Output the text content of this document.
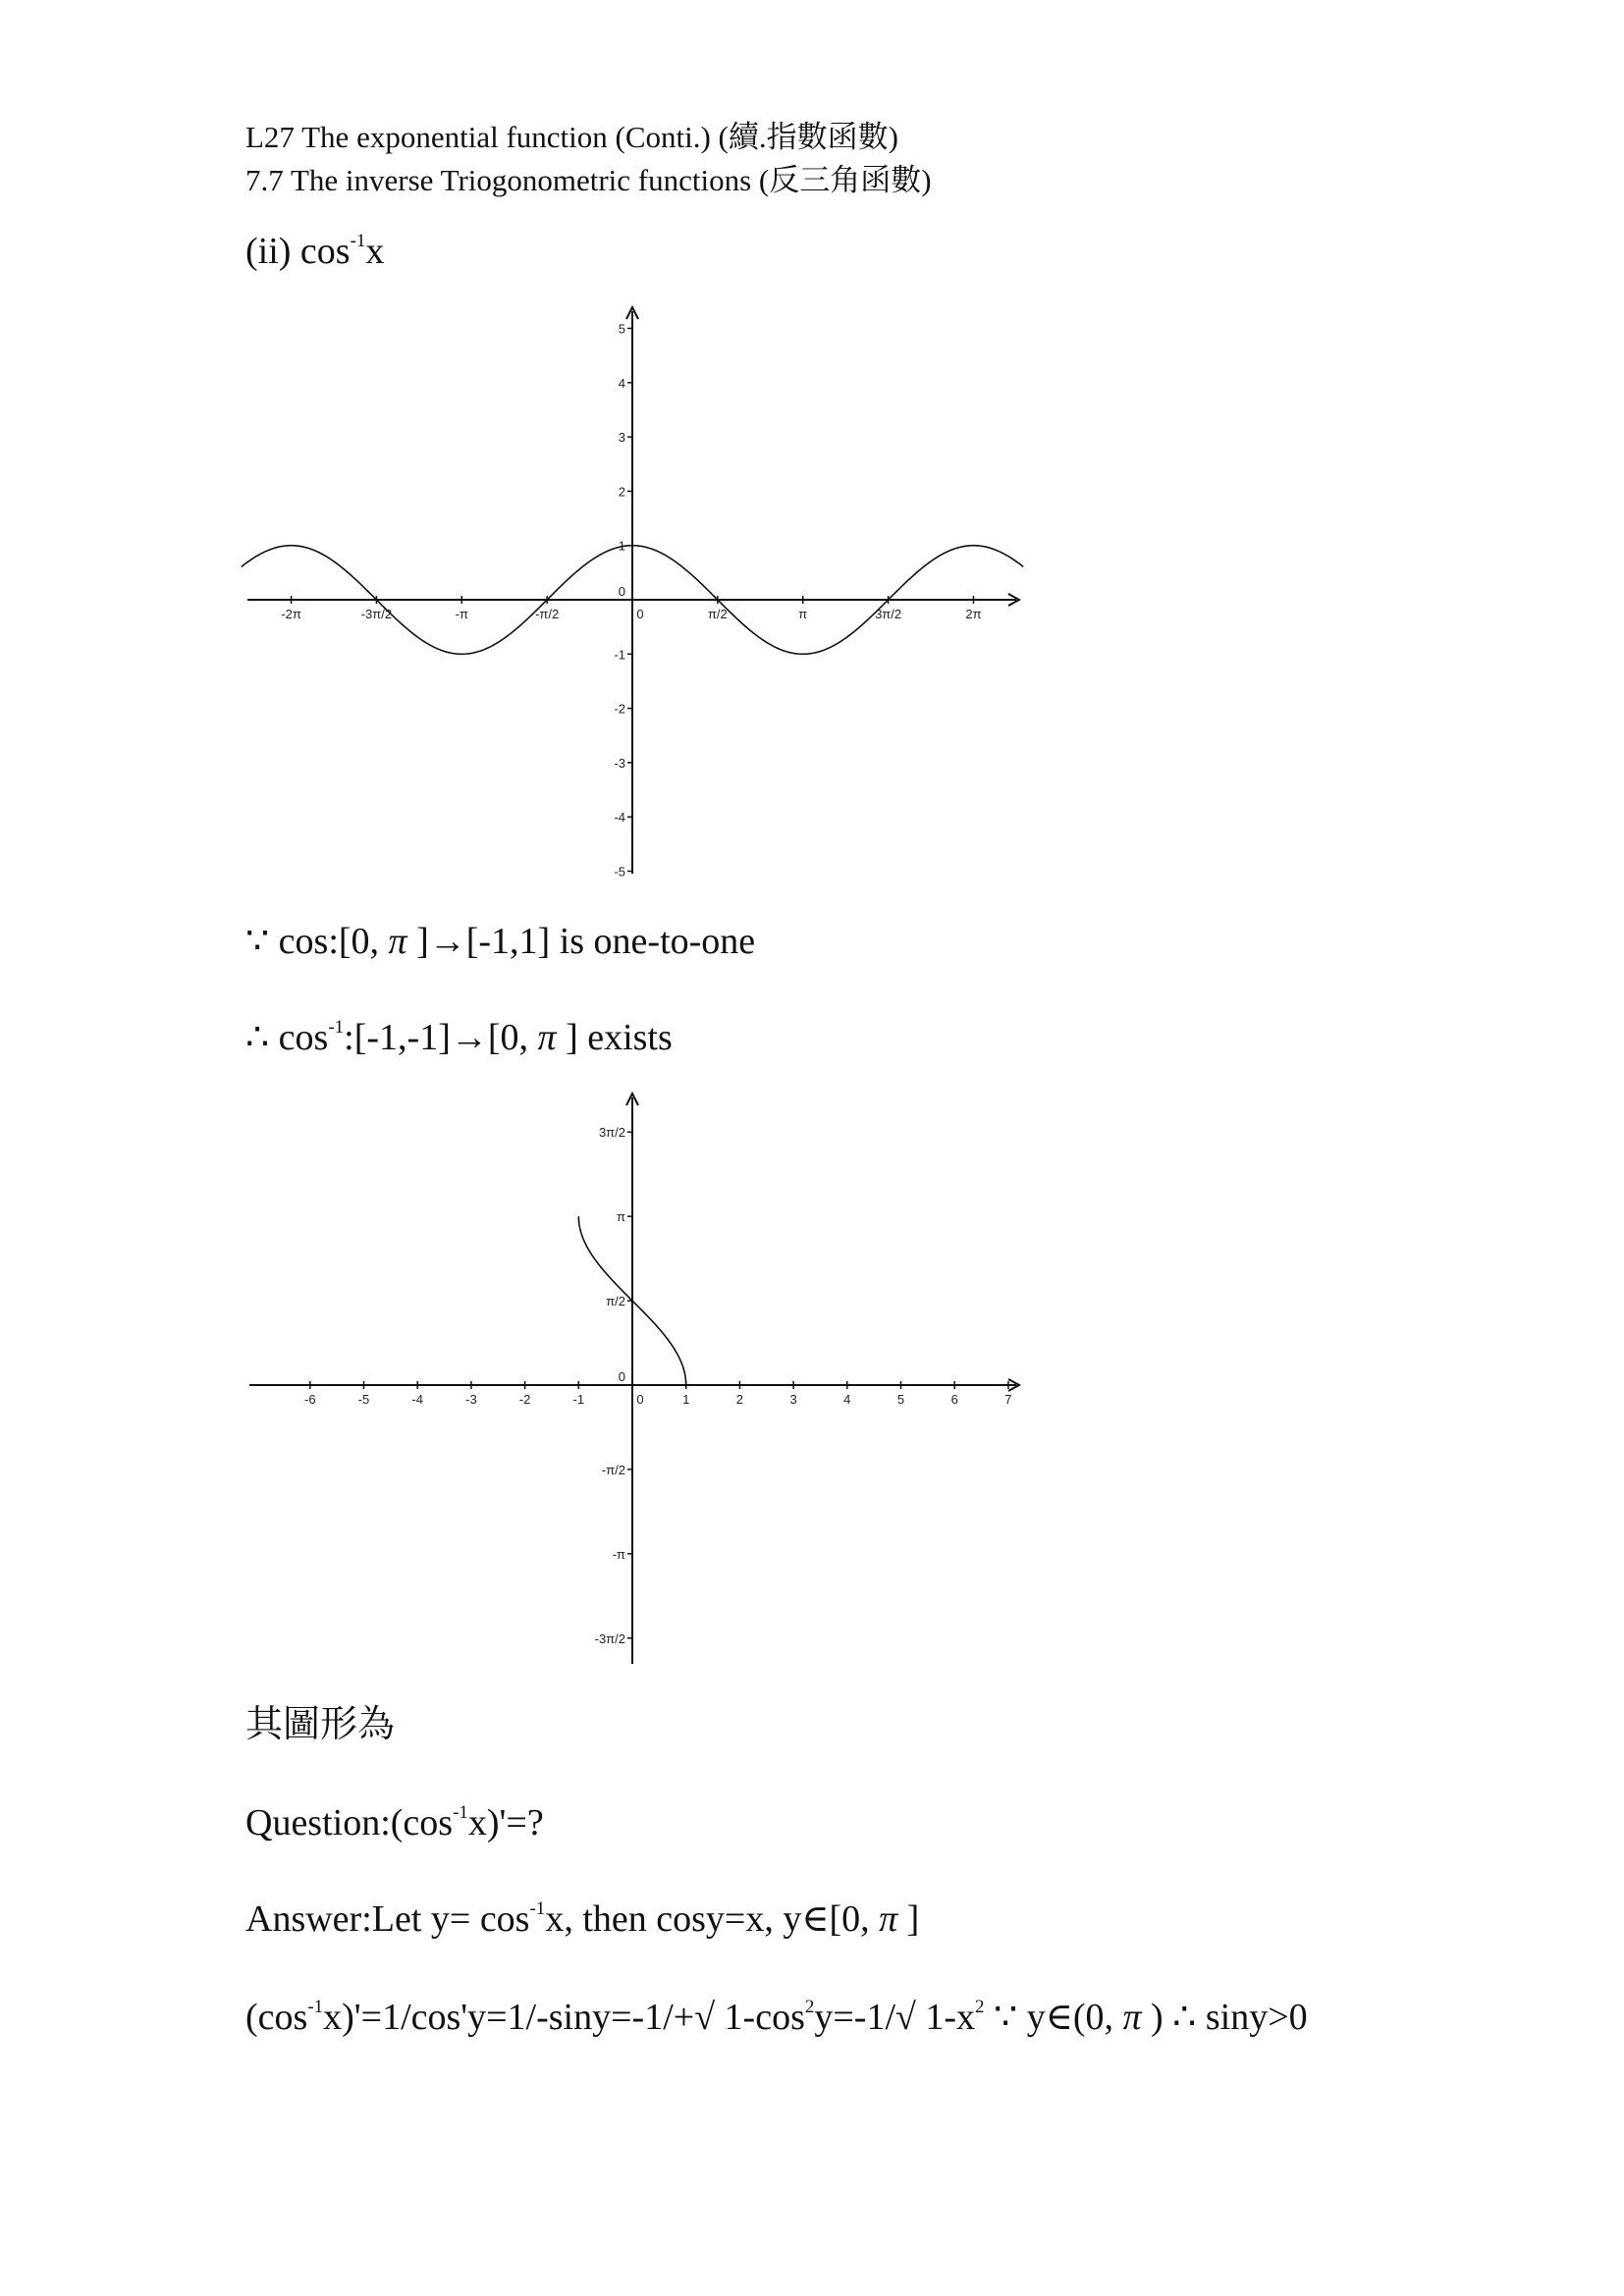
L27 The exponential function (Conti.) (續.指數函數)
7.7 The inverse Triogonometric functions (反三角函數)
(ii) $\cos^{-1}x$
-2π	-3π/2	-π	-π/2	0	π/2	π	3π/2	2π
5
4
3
2
1
0
-1
-2
-3
-4
-5
∵ cos:[0, π ]→[-1,1] is one-to-one
∴ $\cos^{-1}:[-1,-1]\to[0$, π ] exists
-6	-5	-4	-3	-2	-1	0	1	2	3	4	5	6	7
3π/2
π
π/2
0
-π/2
-π
-3π/2
其圖形為
$Question:(\cos^{-1}x)'=$?
Answer:Let $y= \cos^{-1}x$, then cosy=x, y∈[0, π ]
$(\cos^{-1}x)'=1/\cos'y=1/-\sin y=-1/+√$ $1-\cos^2y=-1/√$ $1-x^2$ ∵ y∈(0, π ) ∴ siny>0
